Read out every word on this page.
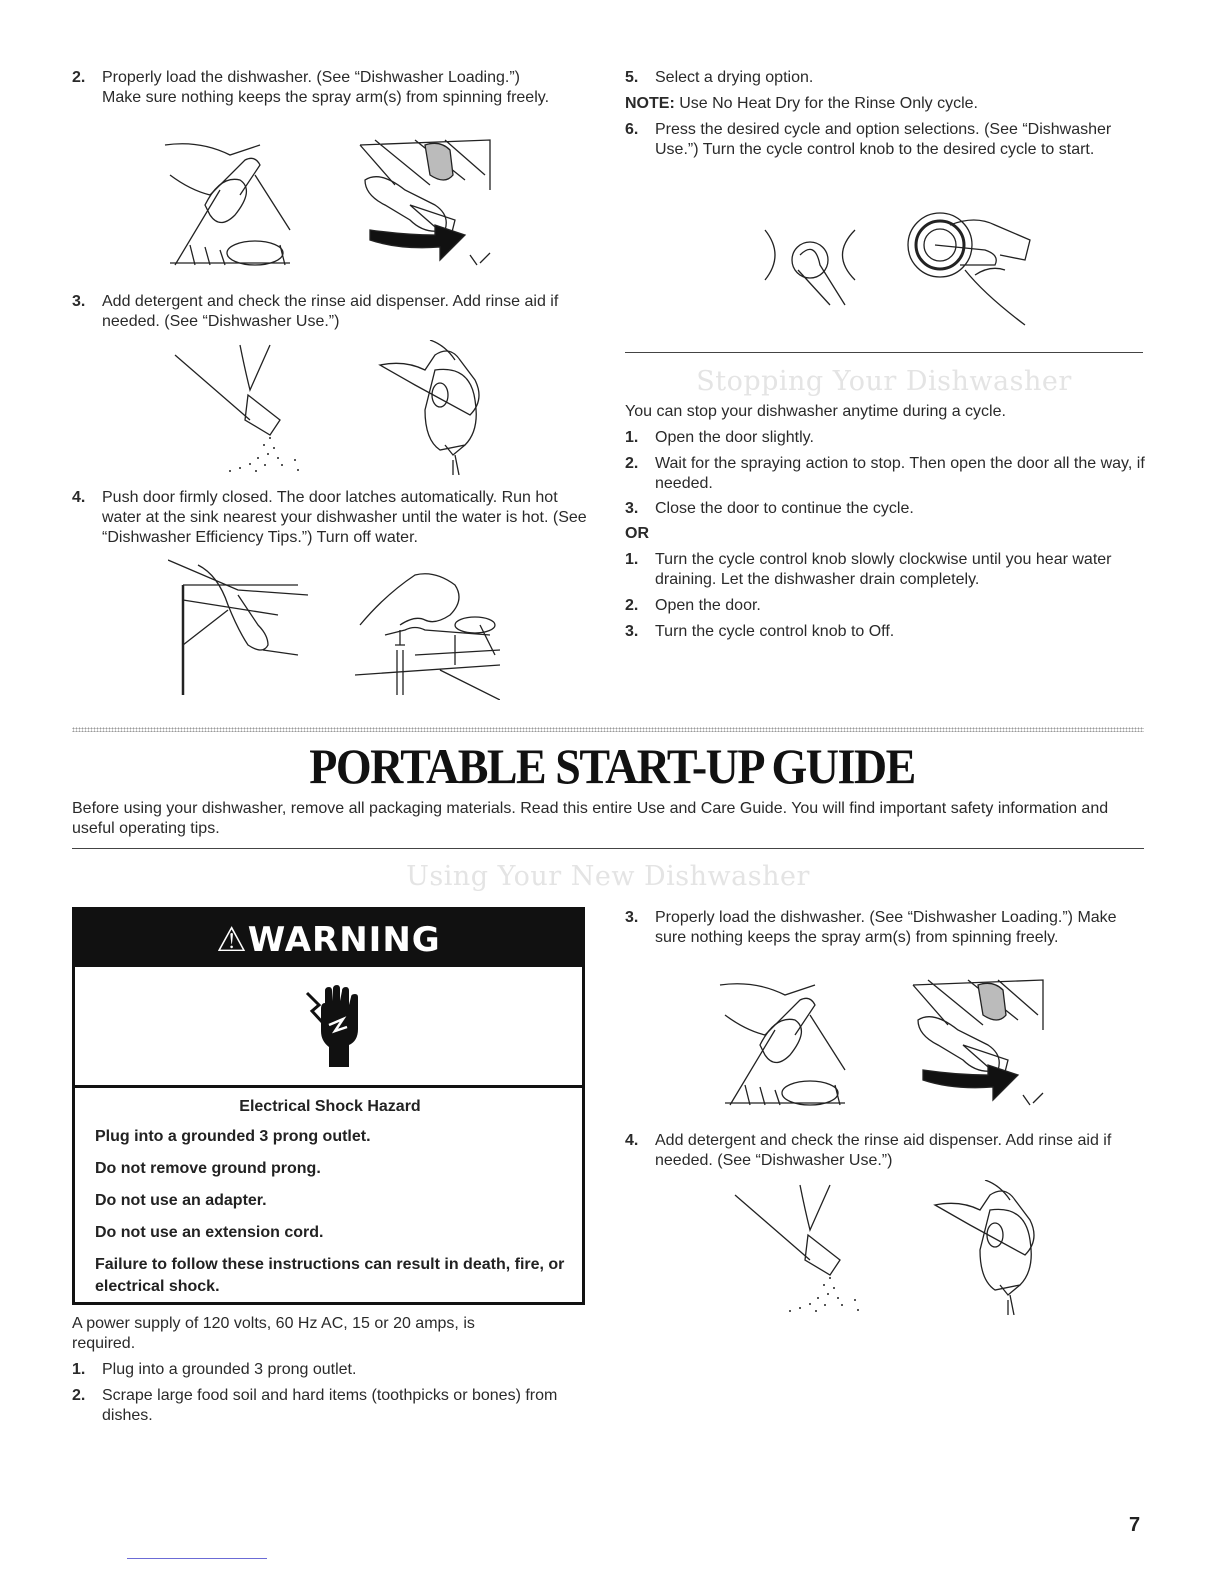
2. Properly load the dishwasher. (See “Dishwasher Loading.”) Make sure nothing keeps the spray arm(s) from spinning freely.
3. Add detergent and check the rinse aid dispenser. Add rinse aid if needed. (See “Dishwasher Use.”)
4. Push door firmly closed. The door latches automatically. Run hot water at the sink nearest your dishwasher until the water is hot. (See “Dishwasher Efficiency Tips.”) Turn off water.
5. Select a drying option.
NOTE: Use No Heat Dry for the Rinse Only cycle.
6. Press the desired cycle and option selections. (See “Dishwasher Use.”) Turn the cycle control knob to the desired cycle to start.
Stopping Your Dishwasher
You can stop your dishwasher anytime during a cycle.
1. Open the door slightly.
2. Wait for the spraying action to stop. Then open the door all the way, if needed.
3. Close the door to continue the cycle.
OR
1. Turn the cycle control knob slowly clockwise until you hear water draining. Let the dishwasher drain completely.
2. Open the door.
3. Turn the cycle control knob to Off.
PORTABLE START-UP GUIDE
Before using your dishwasher, remove all packaging materials. Read this entire Use and Care Guide. You will find important safety information and useful operating tips.
Using Your New Dishwasher
⚠WARNING
Electrical Shock Hazard
Plug into a grounded 3 prong outlet.
Do not remove ground prong.
Do not use an adapter.
Do not use an extension cord.
Failure to follow these instructions can result in death, fire, or electrical shock.
A power supply of 120 volts, 60 Hz AC, 15 or 20 amps, is required.
1. Plug into a grounded 3 prong outlet.
2. Scrape large food soil and hard items (toothpicks or bones) from dishes.
3. Properly load the dishwasher. (See “Dishwasher Loading.”) Make sure nothing keeps the spray arm(s) from spinning freely.
4. Add detergent and check the rinse aid dispenser. Add rinse aid if needed. (See “Dishwasher Use.”)
7
